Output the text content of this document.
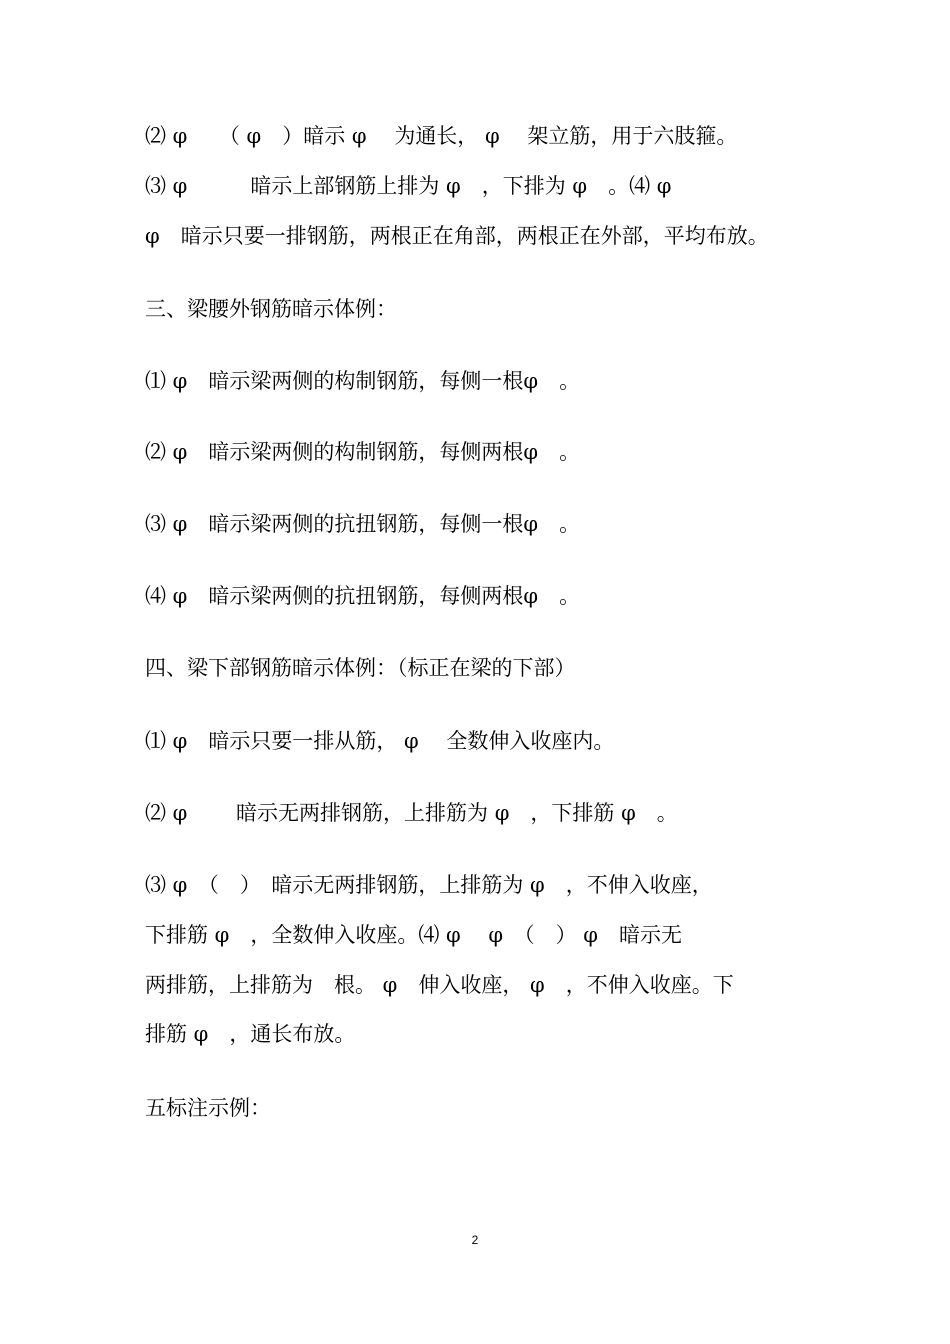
⑵ φ　　（ φ　）暗示 φ　 为通长， φ　 架立筋，用于六肢箍。
⑶ φ　　　暗示上部钢筋上排为 φ　，下排为 φ　。⑷ φ
φ　暗示只要一排钢筋，两根正在角部，两根正在外部，平均布放。
三、梁腰外钢筋暗示体例：
⑴ φ　暗示梁两侧的构制钢筋，每侧一根φ　。
⑵ φ　暗示梁两侧的构制钢筋，每侧两根φ　。
⑶ φ　暗示梁两侧的抗扭钢筋，每侧一根φ　。
⑷ φ　暗示梁两侧的抗扭钢筋，每侧两根φ　。
四、梁下部钢筋暗示体例：（标正在梁的下部）
⑴ φ　暗示只要一排从筋， φ　 全数伸入收座内。
⑵ φ　　 暗示无两排钢筋，上排筋为 φ　，下排筋 φ　。
⑶ φ　（　）　暗示无两排钢筋，上排筋为 φ　，不伸入收座，
下排筋 φ　，全数伸入收座。⑷ φ　 φ　（　） φ　暗示无
两排筋，上排筋为　根。 φ　伸入收座， φ　，不伸入收座。下
排筋 φ　，通长布放。
五标注示例：
2
